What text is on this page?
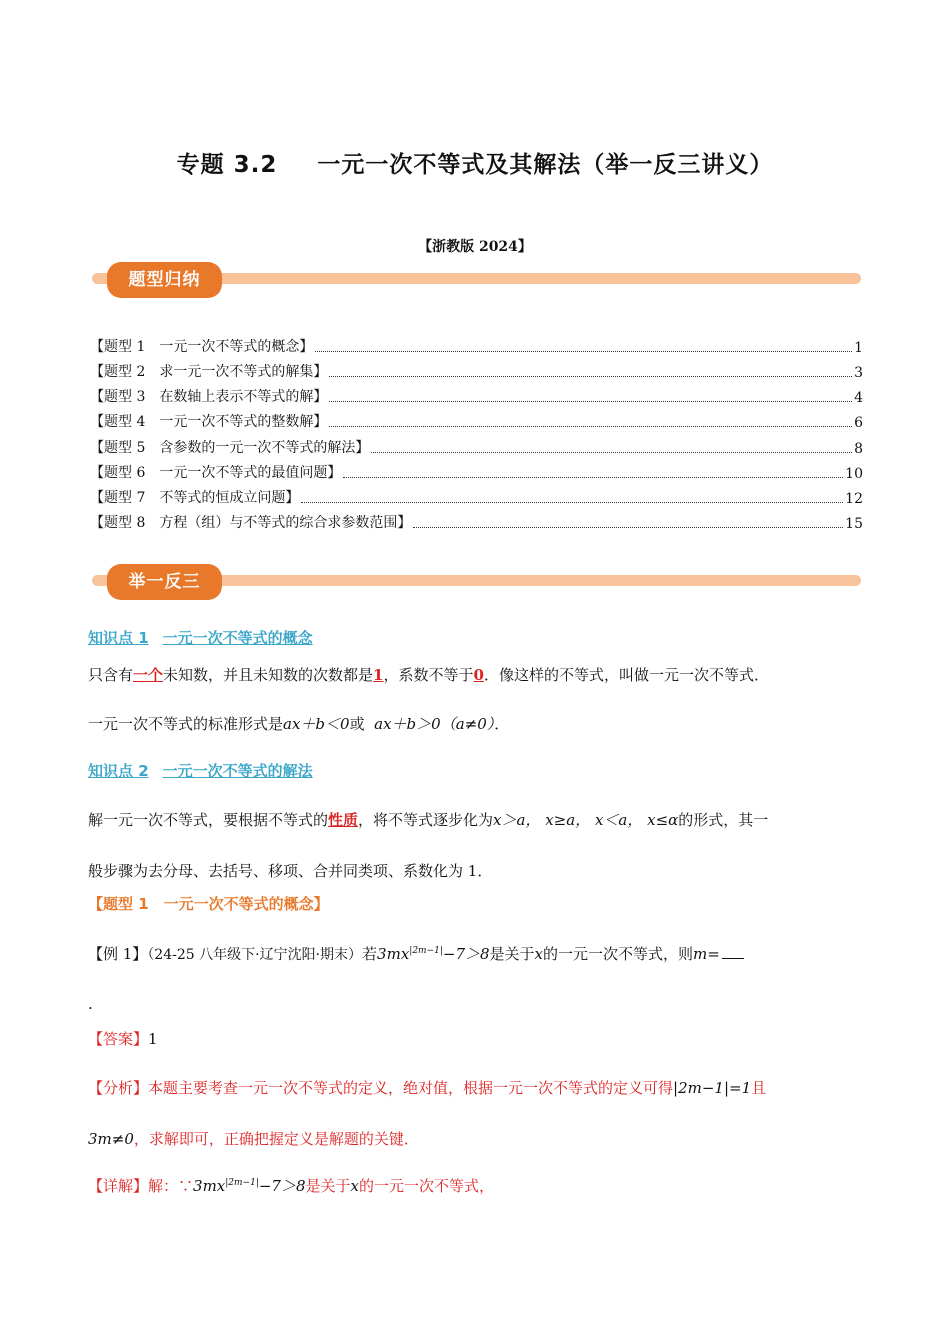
专题 3.2 一元一次不等式及其解法（举一反三讲义）
【浙教版 2024】
题型归纳
【题型 1　一元一次不等式的概念】	1
【题型 2　求一元一次不等式的解集】	3
【题型 3　在数轴上表示不等式的解】	4
【题型 4　一元一次不等式的整数解】	6
【题型 5　含参数的一元一次不等式的解法】	8
【题型 6　一元一次不等式的最值问题】	10
【题型 7　不等式的恒成立问题】	12
【题型 8　方程（组）与不等式的综合求参数范围】	15
举一反三
知识点 1 一元一次不等式的概念
只含有一个未知数，并且未知数的次数都是1，系数不等于0．像这样的不等式，叫做一元一次不等式．
一元一次不等式的标准形式是ax＋b＜0或 ax＋b＞0（a≠0）．
知识点 2 一元一次不等式的解法
解一元一次不等式，要根据不等式的性质，将不等式逐步化为x＞a， x≥a， x＜a， x≤α的形式，其一
般步骤为去分母、去括号、移项、合并同类项、系数化为 1．
【题型 1　一元一次不等式的概念】
【例 1】（24-25 八年级下·辽宁沈阳·期末）若$3mx^{|2m-1|}-7>8$是关于x的一元一次不等式，则m=
.
【答案】1
【分析】本题主要考查一元一次不等式的定义，绝对值，根据一元一次不等式的定义可得|2m−1|=1且
3m≠0，求解即可，正确把握定义是解题的关键．
【详解】解：$\because 3mx^{|2m-1|}-7>8$是关于x的一元一次不等式，
